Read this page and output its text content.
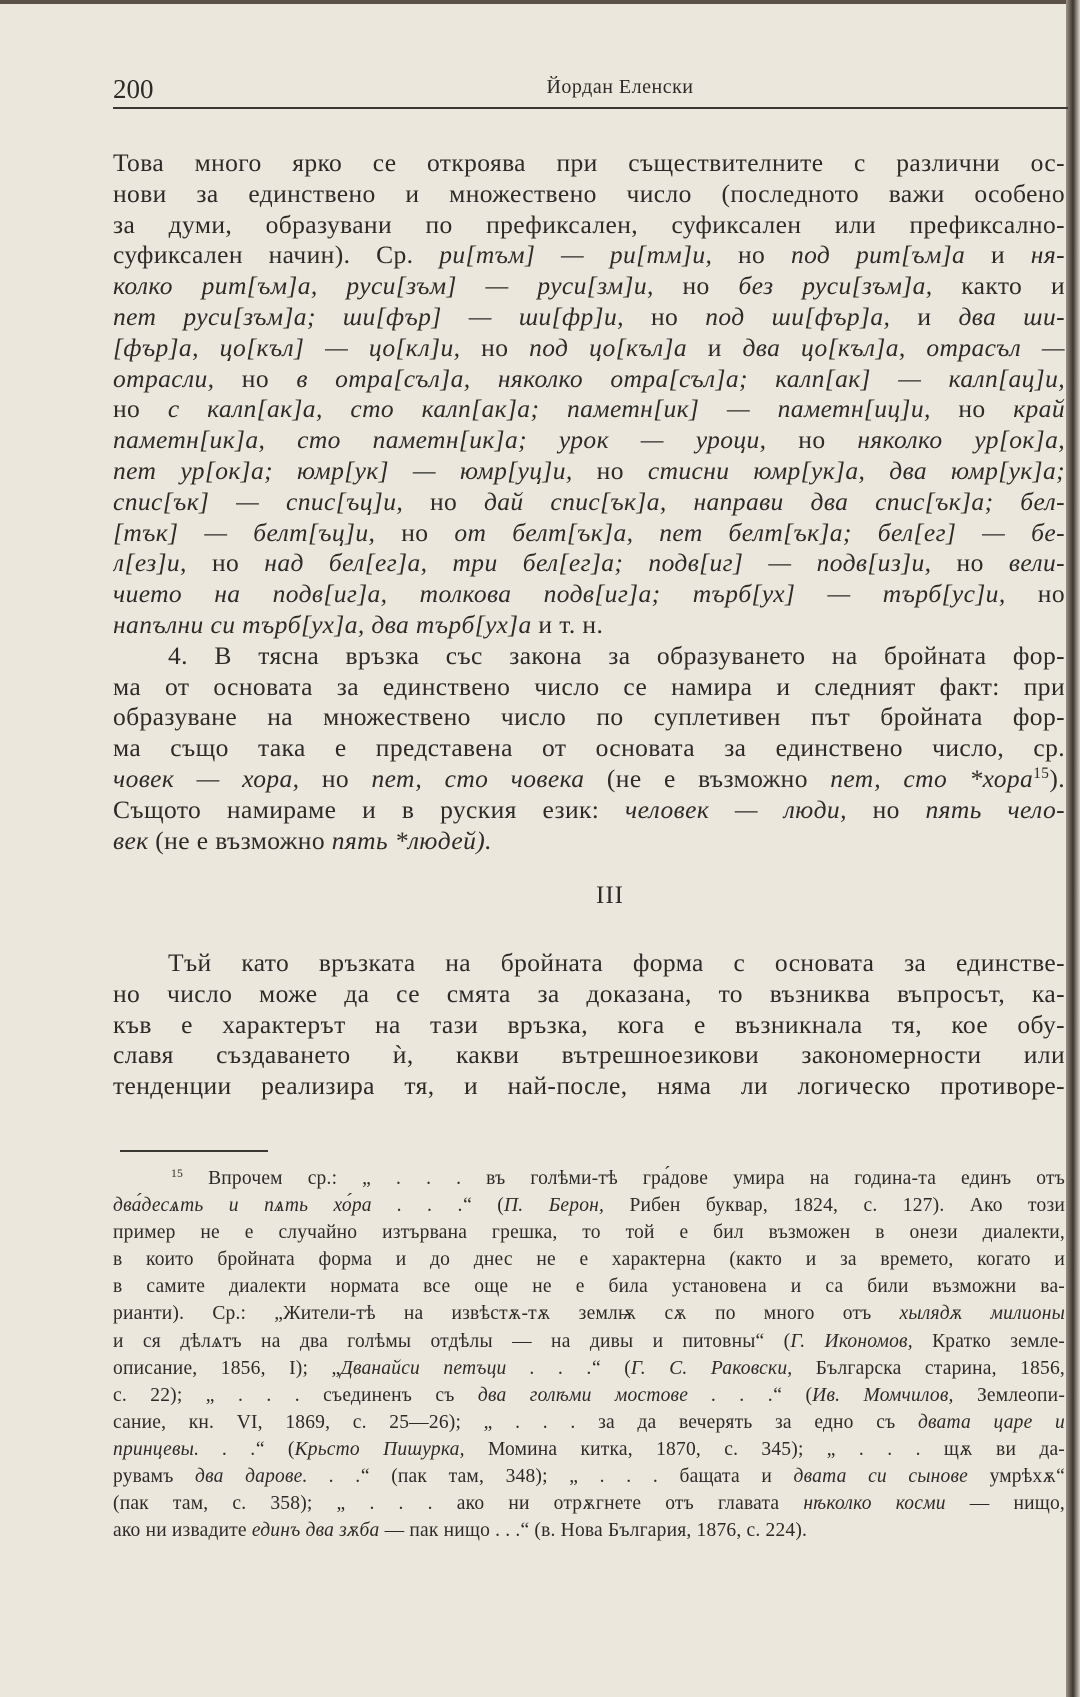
200	Йордан Еленски
Това много ярко се откроява при съществителните с различни ос-
нови за единствено и множествено число (последното важи особено
за думи, образувани по префиксален, суфиксален или префиксално-
суфиксален начин). Ср. ри[тъм] — ри[тм]и, но под рит[ъм]а и ня-
колко рит[ъм]а, руси[зъм] — руси[зм]и, но без руси[зъм]а, както и
пет руси[зъм]а; ши[фър] — ши[фр]и, но под ши[фър]а, и два ши-
[фър]а, цо[къл] — цо[кл]и, но под цо[къл]а и два цо[къл]а, отрасъл —
отрасли, но в отра[съл]а, няколко отра[съл]а; калп[ак] — калп[ац]и,
но с калп[ак]а, сто калп[ак]а; паметн[ик] — паметн[иц]и, но край
паметн[ик]а, сто паметн[ик]а; урок — уроци, но няколко ур[ок]а,
пет ур[ок]а; юмр[ук] — юмр[уц]и, но стисни юмр[ук]а, два юмр[ук]а;
спис[ък] — спис[ъц]и, но дай спис[ък]а, направи два спис[ък]а; бел-
[тък] — белт[ъц]и, но от белт[ък]а, пет белт[ък]а; бел[ег] — бе-
л[ез]и, но над бел[ег]а, три бел[ег]а; подв[иг] — подв[из]и, но вели-
чието на подв[иг]а, толкова подв[иг]а; търб[ух] — търб[ус]и, но
напълни си търб[ух]а, два търб[ух]а и т. н.
4. В тясна връзка със закона за образуването на бройната фор-
ма от основата за единствено число се намира и следният факт: при
образуване на множествено число по суплетивен път бройната фор-
ма също така е представена от основата за единствено число, ср.
човек — хора, но пет, сто човека (не е възможно пет, сто *хора$^{15}$).
Същото намираме и в руския език: человек — люди, но пять чело-
век (не е възможно пять *людей).
III
Тъй като връзката на бройната форма с основата за единстве-
но число може да се смята за доказана, то възниква въпросът, ка-
къв е характерът на тази връзка, кога е възникнала тя, кое обу-
славя създаването ѝ, какви вътрешноезикови закономерности или
тенденции реализира тя, и най-после, няма ли логическо противоре-
$^{15}$ Впрочем ср.: „ . . . въ голѣми-тѣ гра́дове умира на година-та единъ отъ
два́десѧть и пѧть хо́ра . . .“ (П. Берон, Рибен буквар, 1824, с. 127). Ако този
пример не е случайно изтървана грешка, то той е бил възможен в онези диалекти,
в които бройната форма и до днес не е характерна (както и за времето, когато и
в самите диалекти нормата все още не е била установена и са били възможни ва-
рианти). Ср.: „Жители-тѣ на извѣстѫ-тѫ землѭ сѫ по много отъ хылядѫ милионы
и ся дѣлѧтъ на два голѣмы отдѣлы — на дивы и питовны“ (Г. Икономов, Кратко земле-
описание, 1856, I); „Дванайси петъци . . .“ (Г. С. Раковски, Българска старина, 1856,
с. 22); „ . . . съединенъ съ два голѣми мостове . . .“ (Ив. Момчилов, Землеопи-
сание, кн. VI, 1869, с. 25—26); „ . . . за да вечерять за едно съ двата царе и
принцевы. . .“ (Крьсто Пишурка, Момина китка, 1870, с. 345); „ . . . щѫ ви да-
рувамъ два дарове. . .“ (пак там, 348); „ . . . бащата и двата си сынове умрѣхѫ“
(пак там, с. 358); „ . . . ако ни отрѫгнете отъ главата нѣколко косми — нищо,
ако ни извадите единъ два зѫба — пак нищо . . .“ (в. Нова България, 1876, с. 224).
